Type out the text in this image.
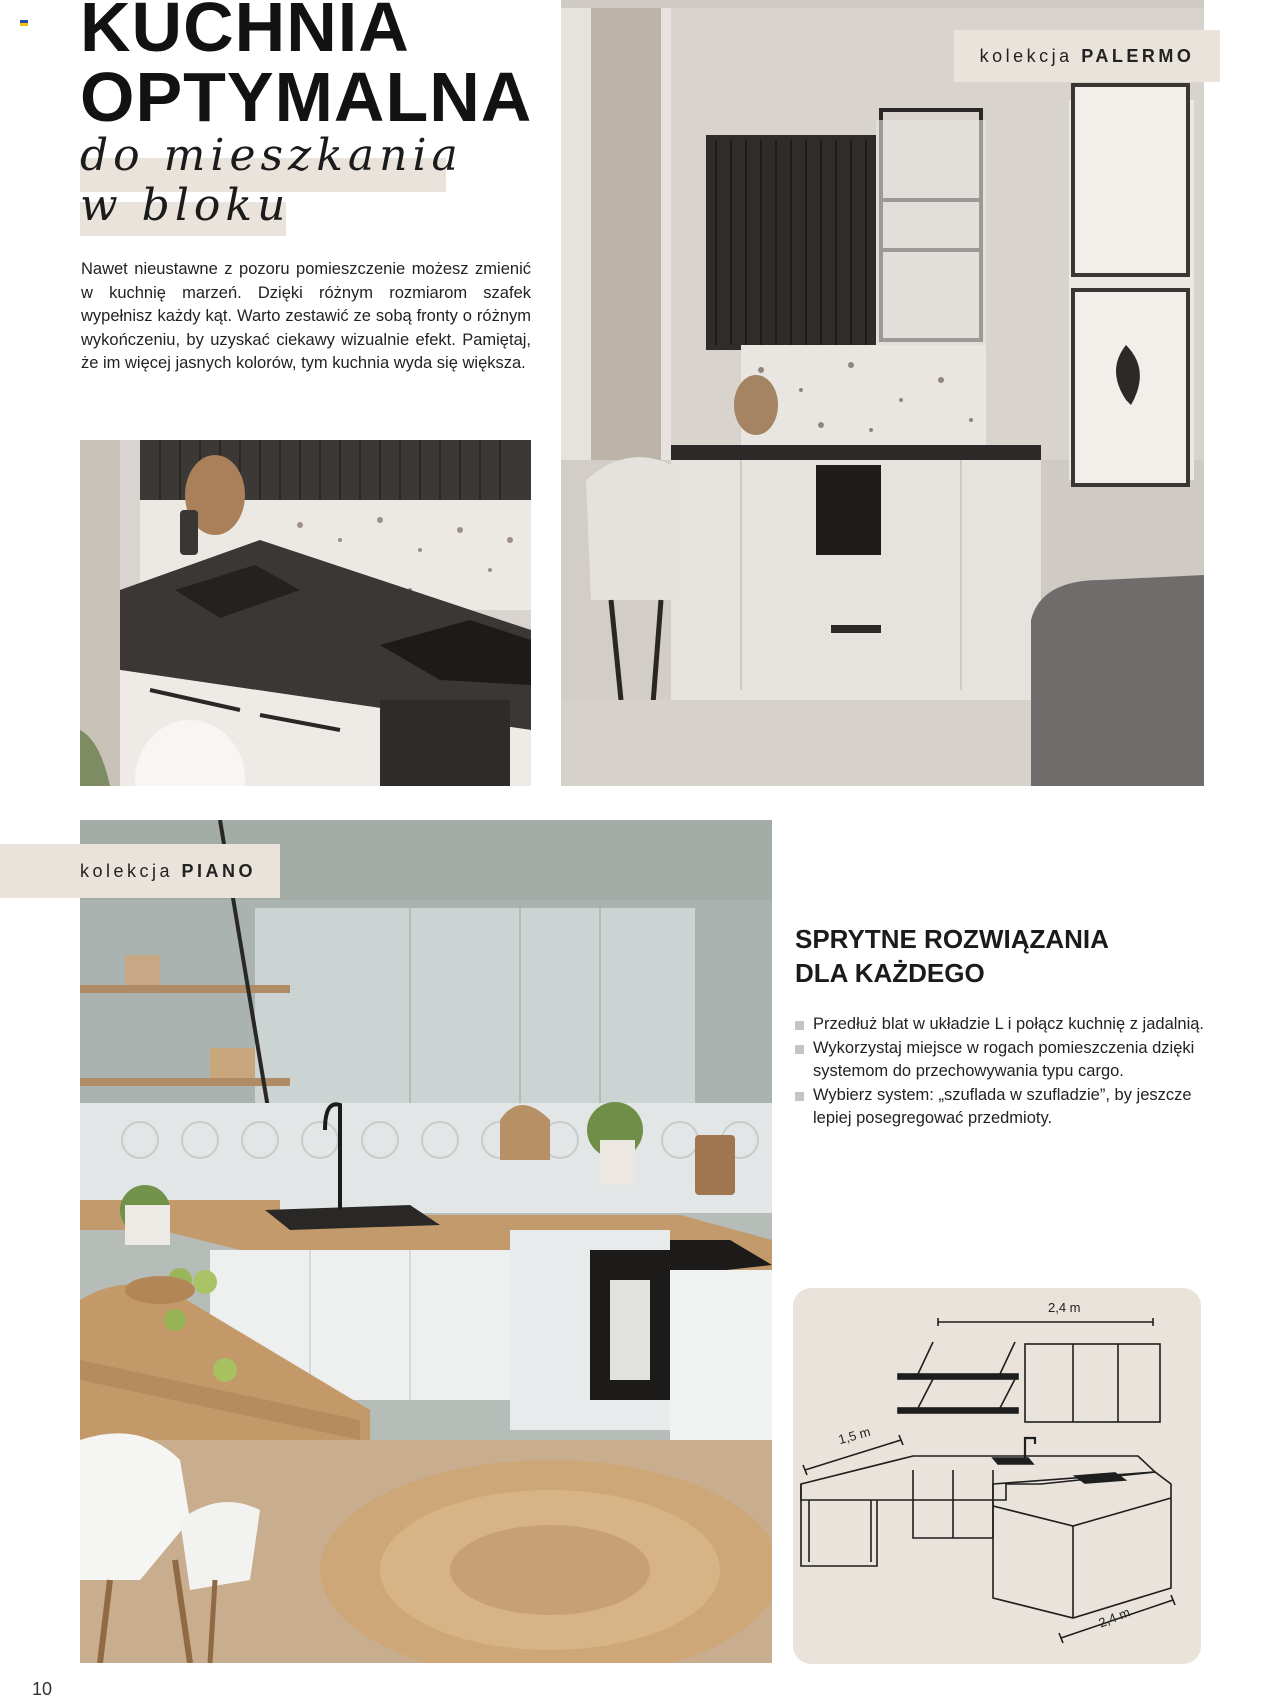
KUCHNIA
OPTYMALNA
do mieszkania
w bloku

Nawet nieustawne z pozoru pomieszczenie możesz zmienić w kuchnię marzeń. Dzięki różnym rozmiarom szafek wypełnisz każdy kąt. Warto zestawić ze sobą fronty o różnym wykończeniu, by uzyskać ciekawy wizualnie efekt. Pamiętaj, że im więcej jasnych kolorów, tym kuchnia wyda się większa.

kolekcja PALERMO
kolekcja PIANO
SPRYTNE ROZWIĄZANIA
DLA KAŻDEGO
Przedłuż blat w układzie L i połącz kuchnię z jadalnią.
Wykorzystaj miejsce w rogach pomieszczenia dzięki systemom do przechowywania typu cargo.
Wybierz system: „szuflada w szufladzie”, by jeszcze lepiej posegregować przedmioty.
2,4 m
1,5 m
2,4 m
10
